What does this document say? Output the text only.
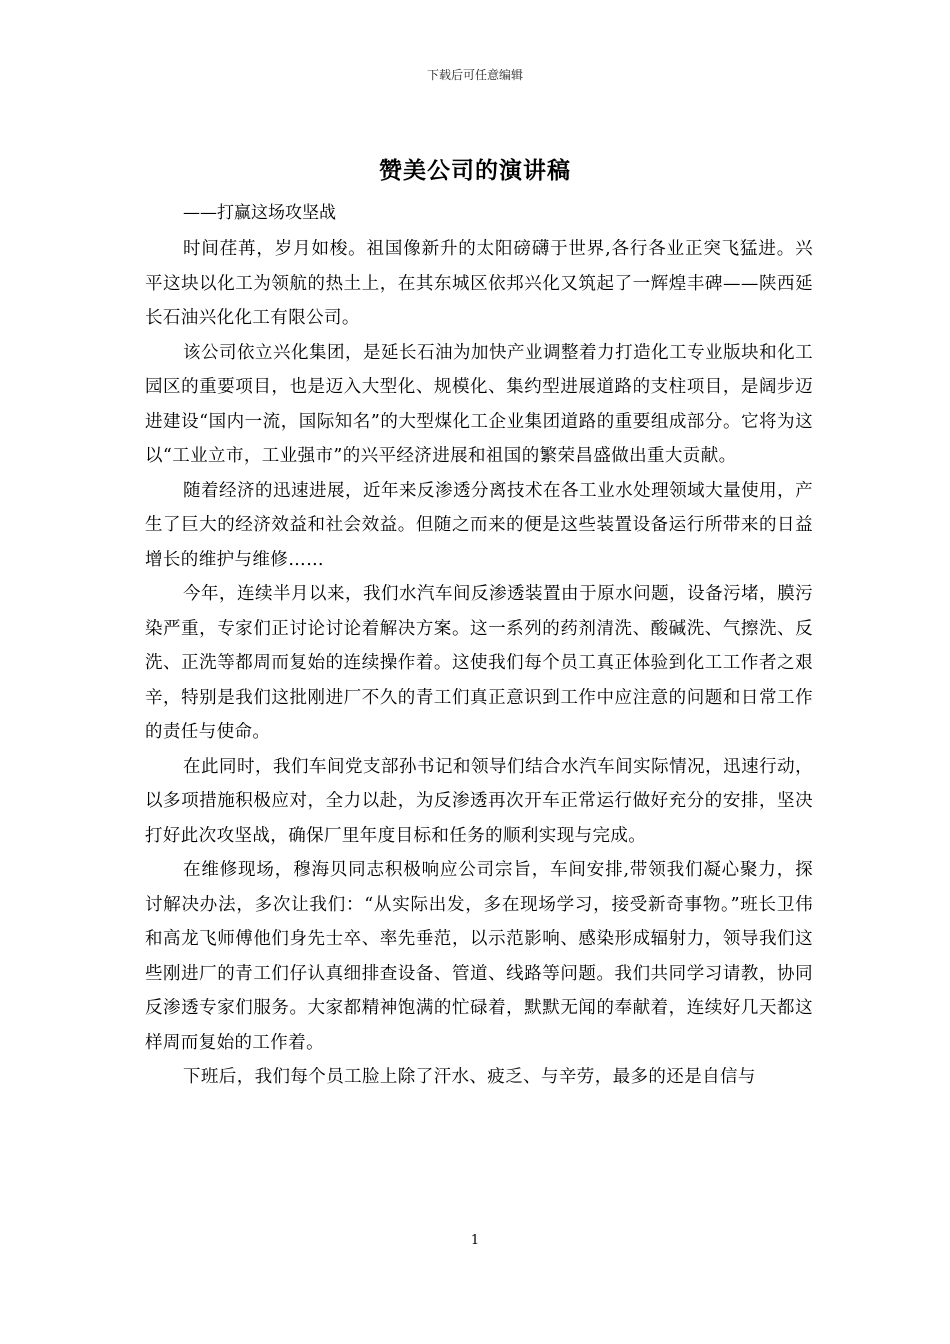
下载后可任意编辑
赞美公司的演讲稿
——打赢这场攻坚战

时间荏苒，岁月如梭。祖国像新升的太阳磅礴于世界,各行各业正突飞猛进。兴平这块以化工为领航的热土上，在其东城区依邦兴化又筑起了一辉煌丰碑——陕西延长石油兴化化工有限公司。

该公司依立兴化集团，是延长石油为加快产业调整着力打造化工专业版块和化工园区的重要项目，也是迈入大型化、规模化、集约型进展道路的支柱项目，是阔步迈进建设“国内一流，国际知名”的大型煤化工企业集团道路的重要组成部分。它将为这以“工业立市，工业强市”的兴平经济进展和祖国的繁荣昌盛做出重大贡献。

随着经济的迅速进展，近年来反渗透分离技术在各工业水处理领域大量使用，产生了巨大的经济效益和社会效益。但随之而来的便是这些装置设备运行所带来的日益增长的维护与维修……

今年，连续半月以来，我们水汽车间反渗透装置由于原水问题，设备污堵，膜污染严重，专家们正讨论讨论着解决方案。这一系列的药剂清洗、酸碱洗、气擦洗、反洗、正洗等都周而复始的连续操作着。这使我们每个员工真正体验到化工工作者之艰辛，特别是我们这批刚进厂不久的青工们真正意识到工作中应注意的问题和日常工作的责任与使命。

在此同时，我们车间党支部孙书记和领导们结合水汽车间实际情况，迅速行动，以多项措施积极应对，全力以赴，为反渗透再次开车正常运行做好充分的安排，坚决打好此次攻坚战，确保厂里年度目标和任务的顺利实现与完成。

在维修现场，穆海贝同志积极响应公司宗旨，车间安排,带领我们凝心聚力，探讨解决办法，多次让我们：“从实际出发，多在现场学习，接受新奇事物。”班长卫伟和高龙飞师傅他们身先士卒、率先垂范，以示范影响、感染形成辐射力，领导我们这些刚进厂的青工们仔认真细排查设备、管道、线路等问题。我们共同学习请教，协同反渗透专家们服务。大家都精神饱满的忙碌着，默默无闻的奉献着，连续好几天都这样周而复始的工作着。

下班后，我们每个员工脸上除了汗水、疲乏、与辛劳，最多的还是自信与

1
